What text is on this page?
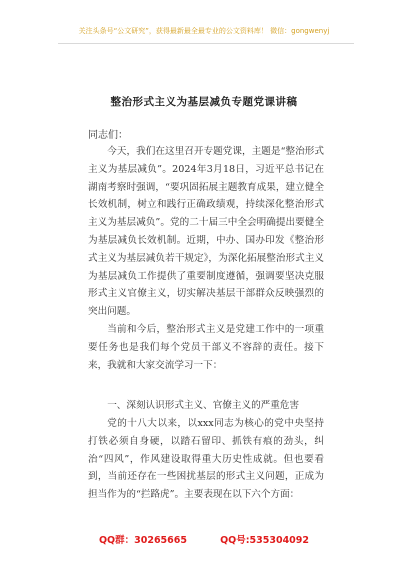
关注头条号“公文研究”，获得最新最全最专业的公文资料库！ 微信：gongwenyj
整治形式主义为基层减负专题党课讲稿
同志们：

今天，我们在这里召开专题党课，主题是“整治形式主义为基层减负”。2024年3月18日，习近平总书记在湖南考察时强调，“要巩固拓展主题教育成果，建立健全长效机制，树立和践行正确政绩观，持续深化整治形式主义为基层减负”。党的二十届三中全会明确提出要健全为基层减负长效机制。近期，中办、国办印发《整治形式主义为基层减负若干规定》，为深化拓展整治形式主义为基层减负工作提供了重要制度遵循，强调要坚决克服形式主义官僚主义，切实解决基层干部群众反映强烈的突出问题。

当前和今后，整治形式主义是党建工作中的一项重要任务也是我们每个党员干部义不容辞的责任。接下来，我就和大家交流学习一下：

一、深刻认识形式主义、官僚主义的严重危害

党的十八大以来，以xxx同志为核心的党中央坚持打铁必须自身硬，以踏石留印、抓铁有痕的劲头，纠治“四风”，作风建设取得重大历史性成就。但也要看到，当前还存在一些困扰基层的形式主义问题，正成为担当作为的“拦路虎”。主要表现在以下六个方面：

QQ群：30265665          QQ号:535304092
